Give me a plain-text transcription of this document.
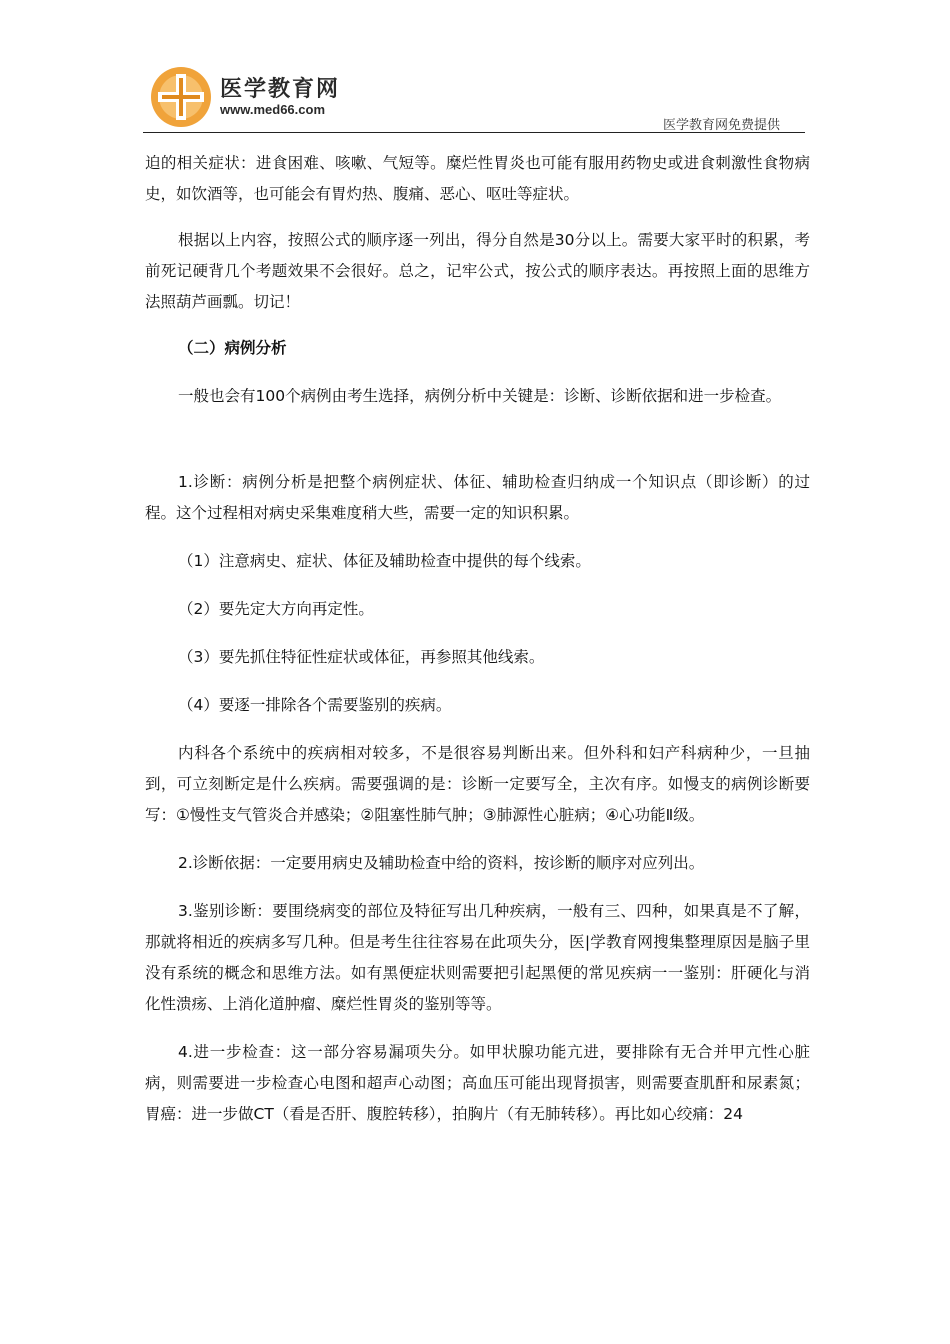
医学教育网
www.med66.com
医学教育网免费提供

迫的相关症状：进食困难、咳嗽、气短等。糜烂性胃炎也可能有服用药物史或进食刺激性食物病史，如饮酒等，也可能会有胃灼热、腹痛、恶心、呕吐等症状。

根据以上内容，按照公式的顺序逐一列出，得分自然是30分以上。需要大家平时的积累，考前死记硬背几个考题效果不会很好。总之，记牢公式，按公式的顺序表达。再按照上面的思维方法照葫芦画瓢。切记！

（二）病例分析

一般也会有100个病例由考生选择，病例分析中关键是：诊断、诊断依据和进一步检查。

1.诊断：病例分析是把整个病例症状、体征、辅助检查归纳成一个知识点（即诊断）的过程。这个过程相对病史采集难度稍大些，需要一定的知识积累。

（1）注意病史、症状、体征及辅助检查中提供的每个线索。

（2）要先定大方向再定性。

（3）要先抓住特征性症状或体征，再参照其他线索。

（4）要逐一排除各个需要鉴别的疾病。

内科各个系统中的疾病相对较多，不是很容易判断出来。但外科和妇产科病种少，一旦抽到，可立刻断定是什么疾病。需要强调的是：诊断一定要写全，主次有序。如慢支的病例诊断要写：①慢性支气管炎合并感染；②阻塞性肺气肿；③肺源性心脏病；④心功能Ⅱ级。

2.诊断依据：一定要用病史及辅助检查中给的资料，按诊断的顺序对应列出。

3.鉴别诊断：要围绕病变的部位及特征写出几种疾病，一般有三、四种，如果真是不了解，那就将相近的疾病多写几种。但是考生往往容易在此项失分，医|学教育网搜集整理原因是脑子里没有系统的概念和思维方法。如有黑便症状则需要把引起黑便的常见疾病一一鉴别：肝硬化与消化性溃疡、上消化道肿瘤、糜烂性胃炎的鉴别等等。

4.进一步检查：这一部分容易漏项失分。如甲状腺功能亢进，要排除有无合并甲亢性心脏病，则需要进一步检查心电图和超声心动图；高血压可能出现肾损害，则需要查肌酐和尿素氮；胃癌：进一步做CT（看是否肝、腹腔转移），拍胸片（有无肺转移）。再比如心绞痛：24
